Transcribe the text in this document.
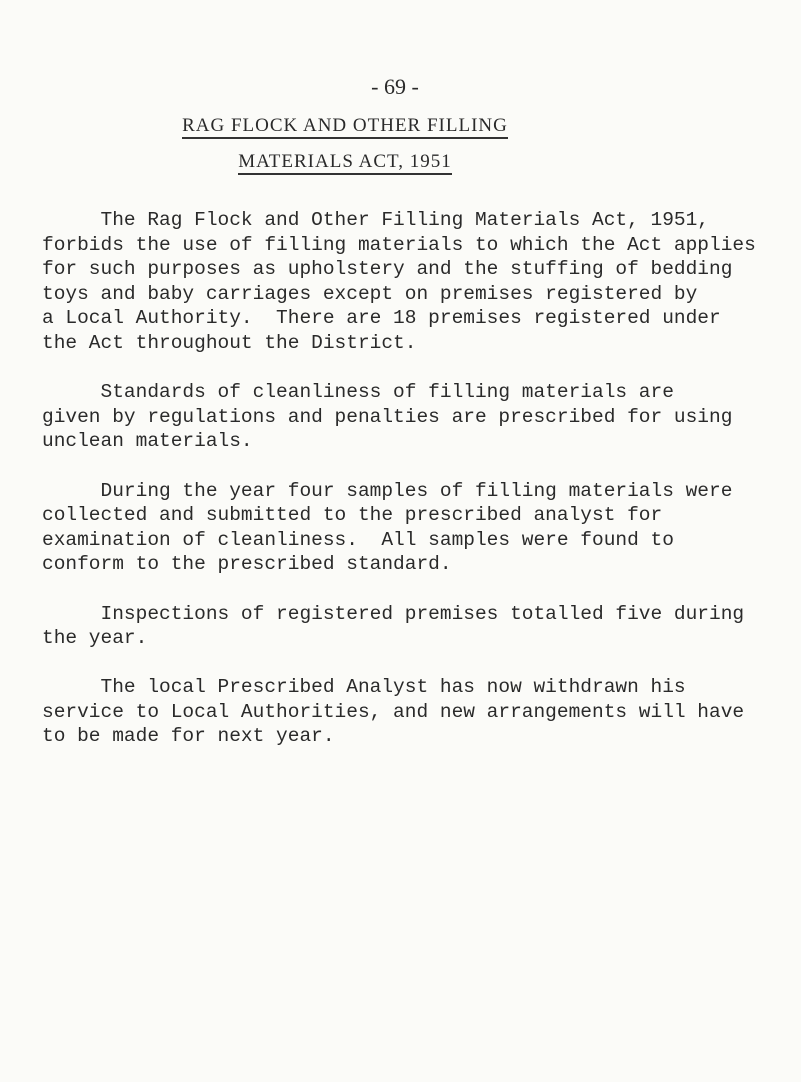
- 69 -
RAG FLOCK AND OTHER FILLING
MATERIALS ACT, 1951
The Rag Flock and Other Filling Materials Act, 1951,
forbids the use of filling materials to which the Act applies
for such purposes as upholstery and the stuffing of bedding
toys and baby carriages except on premises registered by
a Local Authority.  There are 18 premises registered under
the Act throughout the District.
Standards of cleanliness of filling materials are
given by regulations and penalties are prescribed for using
unclean materials.
During the year four samples of filling materials were
collected and submitted to the prescribed analyst for
examination of cleanliness.  All samples were found to
conform to the prescribed standard.
Inspections of registered premises totalled five during
the year.
The local Prescribed Analyst has now withdrawn his
service to Local Authorities, and new arrangements will have
to be made for next year.
